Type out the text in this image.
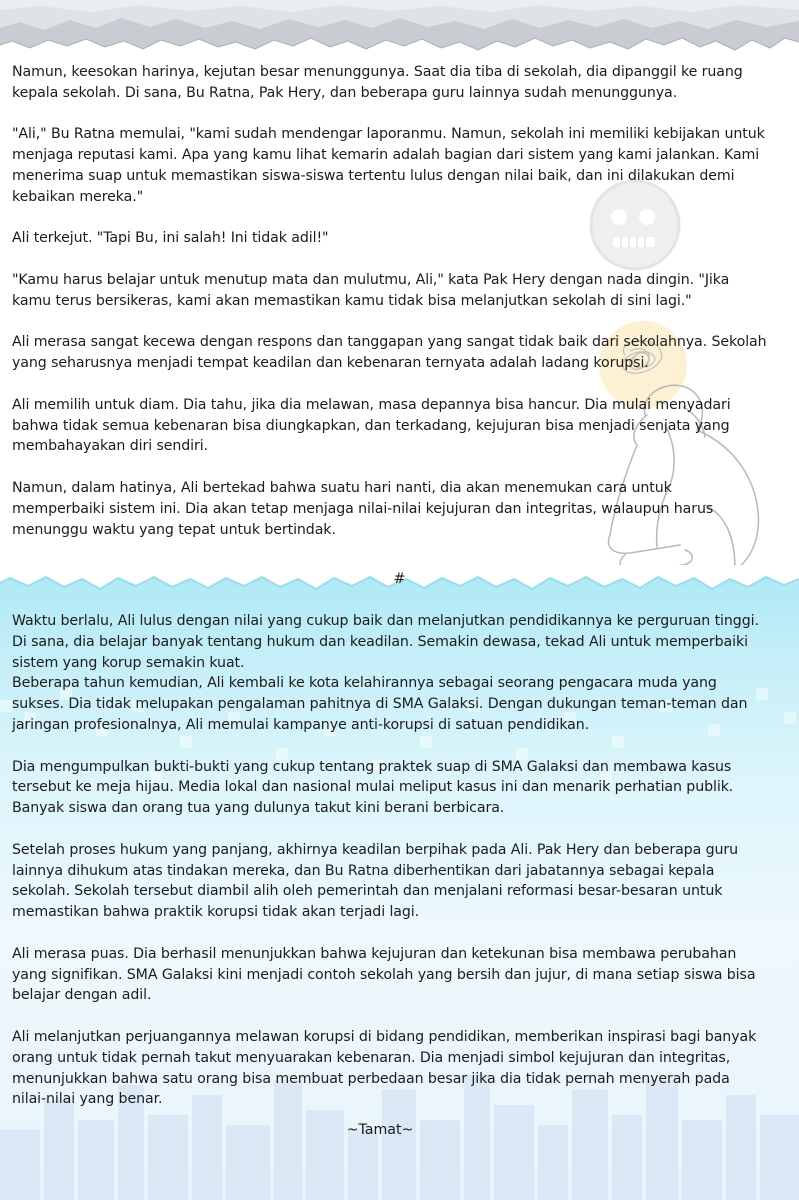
Namun, keesokan harinya, kejutan besar menunggunya. Saat dia tiba di sekolah, dia dipanggil ke ruang
kepala sekolah. Di sana, Bu Ratna, Pak Hery, dan beberapa guru lainnya sudah menunggunya.

"Ali," Bu Ratna memulai, "kami sudah mendengar laporanmu. Namun, sekolah ini memiliki kebijakan untuk
menjaga reputasi kami. Apa yang kamu lihat kemarin adalah bagian dari sistem yang kami jalankan. Kami
menerima suap untuk memastikan siswa-siswa tertentu lulus dengan nilai baik, dan ini dilakukan demi
kebaikan mereka."

Ali terkejut. "Tapi Bu, ini salah! Ini tidak adil!"

"Kamu harus belajar untuk menutup mata dan mulutmu, Ali," kata Pak Hery dengan nada dingin. "Jika
kamu terus bersikeras, kami akan memastikan kamu tidak bisa melanjutkan sekolah di sini lagi."

Ali merasa sangat kecewa dengan respons dan tanggapan yang sangat tidak baik dari sekolahnya. Sekolah
yang seharusnya menjadi tempat keadilan dan kebenaran ternyata adalah ladang korupsi.

Ali memilih untuk diam. Dia tahu, jika dia melawan, masa depannya bisa hancur. Dia mulai menyadari
bahwa tidak semua kebenaran bisa diungkapkan, dan terkadang, kejujuran bisa menjadi senjata yang
membahayakan diri sendiri.

Namun, dalam hatinya, Ali bertekad bahwa suatu hari nanti, dia akan menemukan cara untuk
memperbaiki sistem ini. Dia akan tetap menjaga nilai-nilai kejujuran dan integritas, walaupun harus
menunggu waktu yang tepat untuk bertindak.

#

Waktu berlalu, Ali lulus dengan nilai yang cukup baik dan melanjutkan pendidikannya ke perguruan tinggi.
Di sana, dia belajar banyak tentang hukum dan keadilan. Semakin dewasa, tekad Ali untuk memperbaiki
sistem yang korup semakin kuat.

Beberapa tahun kemudian, Ali kembali ke kota kelahirannya sebagai seorang pengacara muda yang
sukses. Dia tidak melupakan pengalaman pahitnya di SMA Galaksi. Dengan dukungan teman-teman dan
jaringan profesionalnya, Ali memulai kampanye anti-korupsi di satuan pendidikan.

Dia mengumpulkan bukti-bukti yang cukup tentang praktek suap di SMA Galaksi dan membawa kasus
tersebut ke meja hijau. Media lokal dan nasional mulai meliput kasus ini dan menarik perhatian publik.
Banyak siswa dan orang tua yang dulunya takut kini berani berbicara.

Setelah proses hukum yang panjang, akhirnya keadilan berpihak pada Ali. Pak Hery dan beberapa guru
lainnya dihukum atas tindakan mereka, dan Bu Ratna diberhentikan dari jabatannya sebagai kepala
sekolah. Sekolah tersebut diambil alih oleh pemerintah dan menjalani reformasi besar-besaran untuk
memastikan bahwa praktik korupsi tidak akan terjadi lagi.

Ali merasa puas. Dia berhasil menunjukkan bahwa kejujuran dan ketekunan bisa membawa perubahan
yang signifikan. SMA Galaksi kini menjadi contoh sekolah yang bersih dan jujur, di mana setiap siswa bisa
belajar dengan adil.

Ali melanjutkan perjuangannya melawan korupsi di bidang pendidikan, memberikan inspirasi bagi banyak
orang untuk tidak pernah takut menyuarakan kebenaran. Dia menjadi simbol kejujuran dan integritas,
menunjukkan bahwa satu orang bisa membuat perbedaan besar jika dia tidak pernah menyerah pada
nilai-nilai yang benar.

~Tamat~
